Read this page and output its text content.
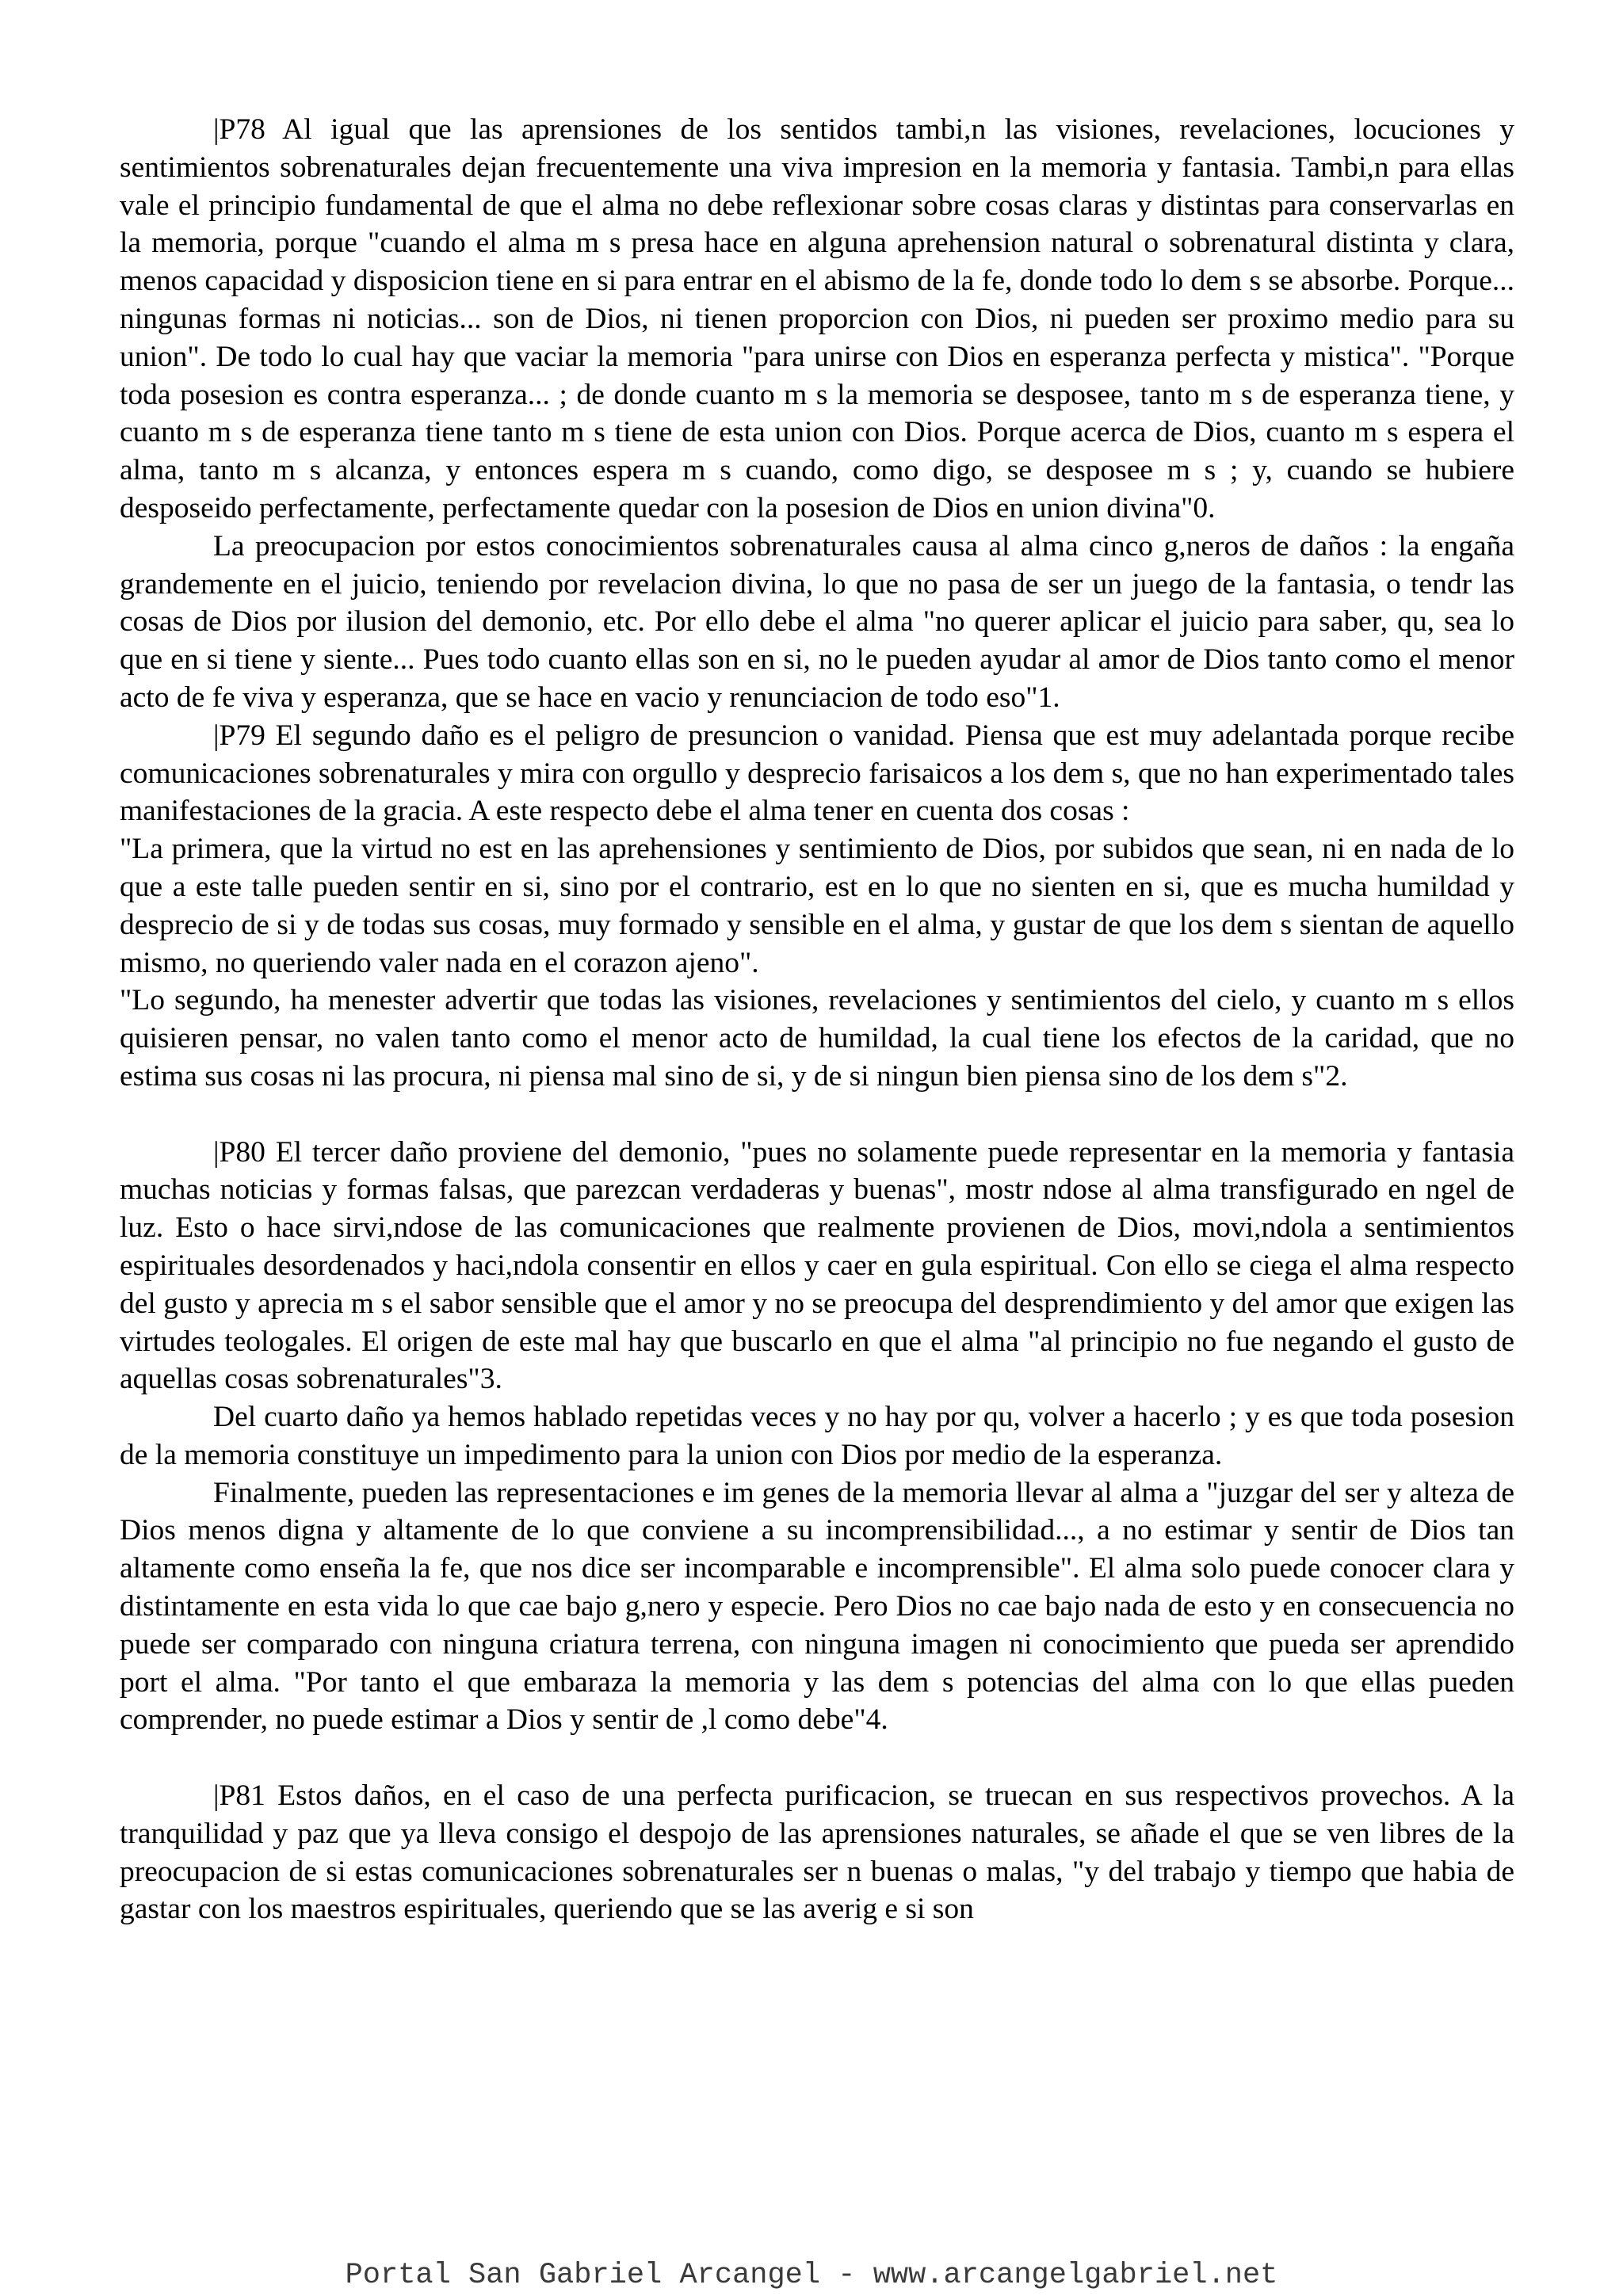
|P78 Al igual que las aprensiones de los sentidos tambi,n las visiones, revelaciones, locuciones y sentimientos sobrenaturales dejan frecuentemente una viva impresion en la memoria y fantasia. Tambi,n para ellas vale el principio fundamental de que el alma no debe reflexionar sobre cosas claras y distintas para conservarlas en la memoria, porque "cuando el alma m s presa hace en alguna aprehension natural o sobrenatural distinta y clara, menos capacidad y disposicion tiene en si para entrar en el abismo de la fe, donde todo lo dem s se absorbe. Porque... ningunas formas ni noticias... son de Dios, ni tienen proporcion con Dios, ni pueden ser proximo medio para su union". De todo lo cual hay que vaciar la memoria "para unirse con Dios en esperanza perfecta y mistica". "Porque toda posesion es contra esperanza... ; de donde cuanto m s la memoria se desposee, tanto m s de esperanza tiene, y cuanto m s de esperanza tiene tanto m s tiene de esta union con Dios. Porque acerca de Dios, cuanto m s espera el alma, tanto m s alcanza, y entonces espera m s cuando, como digo, se desposee m s ; y, cuando se hubiere desposeido perfectamente, perfectamente quedar con la posesion de Dios en union divina"0.

La preocupacion por estos conocimientos sobrenaturales causa al alma cinco g,neros de daños : la engaña grandemente en el juicio, teniendo por revelacion divina, lo que no pasa de ser un juego de la fantasia, o tendr las cosas de Dios por ilusion del demonio, etc. Por ello debe el alma "no querer aplicar el juicio para saber, qu, sea lo que en si tiene y siente... Pues todo cuanto ellas son en si, no le pueden ayudar al amor de Dios tanto como el menor acto de fe viva y esperanza, que se hace en vacio y renunciacion de todo eso"1.

|P79 El segundo daño es el peligro de presuncion o vanidad. Piensa que est muy adelantada porque recibe comunicaciones sobrenaturales y mira con orgullo y desprecio farisaicos a los dem s, que no han experimentado tales manifestaciones de la gracia. A este respecto debe el alma tener en cuenta dos cosas :

"La primera, que la virtud no est en las aprehensiones y sentimiento de Dios, por subidos que sean, ni en nada de lo que a este talle pueden sentir en si, sino por el contrario, est en lo que no sienten en si, que es mucha humildad y desprecio de si y de todas sus cosas, muy formado y sensible en el alma, y gustar de que los dem s sientan de aquello mismo, no queriendo valer nada en el corazon ajeno".

"Lo segundo, ha menester advertir que todas las visiones, revelaciones y sentimientos del cielo, y cuanto m s ellos quisieren pensar, no valen tanto como el menor acto de humildad, la cual tiene los efectos de la caridad, que no estima sus cosas ni las procura, ni piensa mal sino de si, y de si ningun bien piensa sino de los dem s"2.

|P80 El tercer daño proviene del demonio, "pues no solamente puede representar en la memoria y fantasia muchas noticias y formas falsas, que parezcan verdaderas y buenas", mostr ndose al alma transfigurado en ngel de luz. Esto o hace sirvi,ndose de las comunicaciones que realmente provienen de Dios, movi,ndola a sentimientos espirituales desordenados y haci,ndola consentir en ellos y caer en gula espiritual. Con ello se ciega el alma respecto del gusto y aprecia m s el sabor sensible que el amor y no se preocupa del desprendimiento y del amor que exigen las virtudes teologales. El origen de este mal hay que buscarlo en que el alma "al principio no fue negando el gusto de aquellas cosas sobrenaturales"3.

Del cuarto daño ya hemos hablado repetidas veces y no hay por qu, volver a hacerlo ; y es que toda posesion de la memoria constituye un impedimento para la union con Dios por medio de la esperanza.

Finalmente, pueden las representaciones e im genes de la memoria llevar al alma a "juzgar del ser y alteza de Dios menos digna y altamente de lo que conviene a su incomprensibilidad..., a no estimar y sentir de Dios tan altamente como enseña la fe, que nos dice ser incomparable e incomprensible". El alma solo puede conocer clara y distintamente en esta vida lo que cae bajo g,nero y especie. Pero Dios no cae bajo nada de esto y en consecuencia no puede ser comparado con ninguna criatura terrena, con ninguna imagen ni conocimiento que pueda ser aprendido port el alma. "Por tanto el que embaraza la memoria y las dem s potencias del alma con lo que ellas pueden comprender, no puede estimar a Dios y sentir de ,l como debe"4.

|P81 Estos daños, en el caso de una perfecta purificacion, se truecan en sus respectivos provechos. A la tranquilidad y paz que ya lleva consigo el despojo de las aprensiones naturales, se añade el que se ven libres de la preocupacion de si estas comunicaciones sobrenaturales ser n buenas o malas, "y del trabajo y tiempo que habia de gastar con los maestros espirituales, queriendo que se las averig e si son

Portal San Gabriel Arcangel - www.arcangelgabriel.net
